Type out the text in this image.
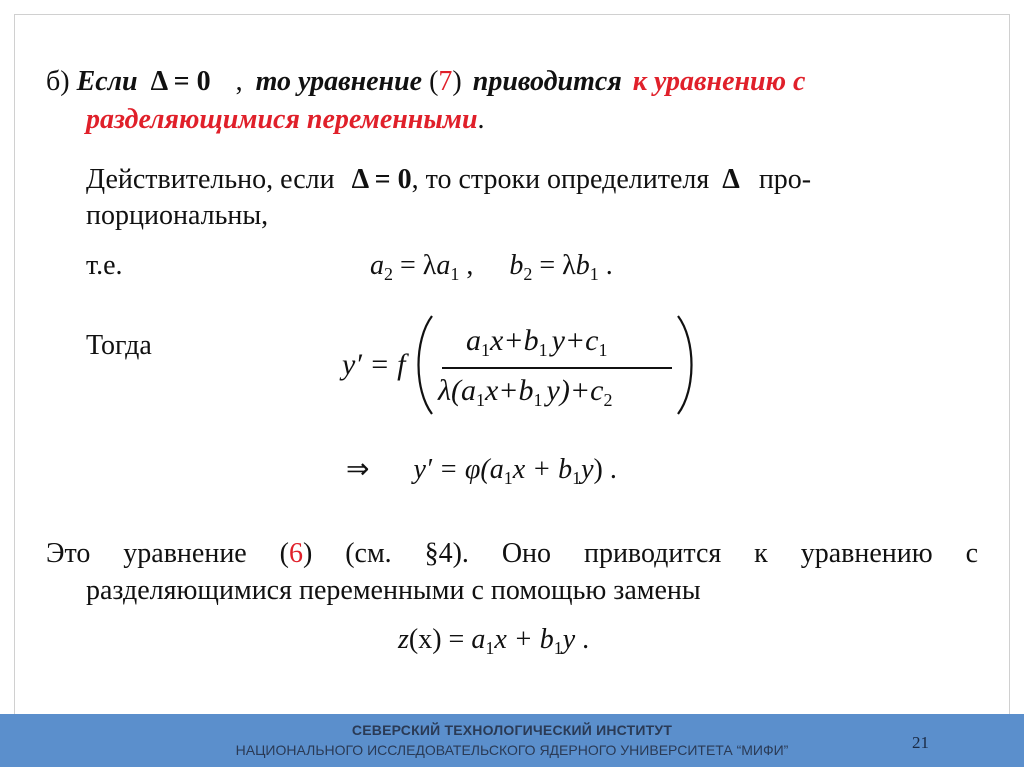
б) Если Δ = 0 , то уравнение (7) приводится к уравнению с
разделяющимися переменными.
Действительно, если Δ = 0, то строки определителя Δ про-
порциональны,
т.е.	$a_2 = \lambda a_1$ , $b_2 = \lambda b_1$ .
Тогда
y′ = f
$a_1x+b_1$ $y+c_1$
$\lambda(a_1x+b_1$ $y)+c_2$
⇒ $y' = \varphi(a_1x + b_1y)$ .
Это уравнение (6) (см. §4). Оно приводится к уравнению с
разделяющимися переменными с помощью замены
$z(x) = a_1x + b_1y$ .
СЕВЕРСКИЙ ТЕХНОЛОГИЧЕСКИЙ ИНСТИТУТ
НАЦИОНАЛЬНОГО ИССЛЕДОВАТЕЛЬСКОГО ЯДЕРНОГО УНИВЕРСИТЕТА “МИФИ”	21
